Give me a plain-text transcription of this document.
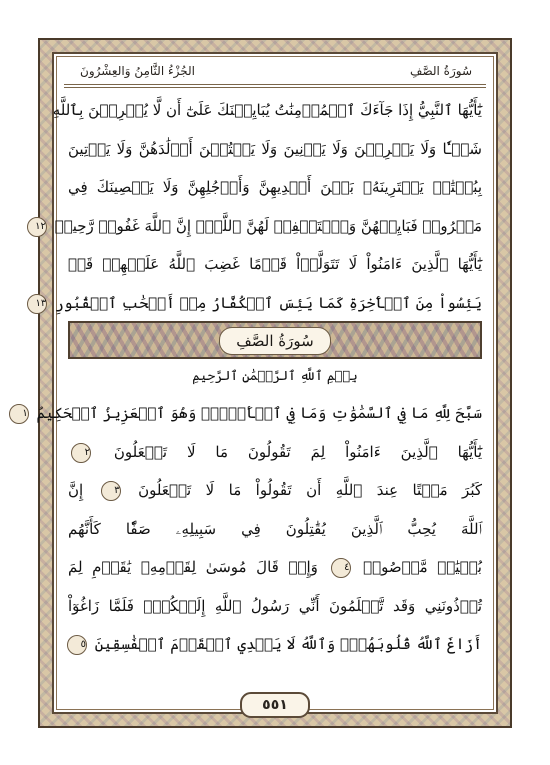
سُورَةُ الصَّفِ
الجُزْءُ الثَّامِنُ وَالعِشْرُونَ
يَٰٓأَيُّهَا ٱلنَّبِيُّ إِذَا جَآءَكَ ٱلۡمُؤۡمِنَٰتُ يُبَايِعۡنَكَ عَلَىٰٓ أَن لَّا يُشۡرِكۡنَ بِٱللَّهِ
شَيۡـٔٗا وَلَا يَسۡرِقۡنَ وَلَا يَزۡنِينَ وَلَا يَقۡتُلۡنَ أَوۡلَٰدَهُنَّ وَلَا يَأۡتِينَ
بِبُهۡتَٰنٖ يَفۡتَرِينَهُۥ بَيۡنَ أَيۡدِيهِنَّ وَأَرۡجُلِهِنَّ وَلَا يَعۡصِينَكَ فِي
مَعۡرُوفٖ فَبَايِعۡهُنَّ وَٱسۡتَغۡفِرۡ لَهُنَّ ٱللَّهَۚ إِنَّ ٱللَّهَ غَفُورٞ رَّحِيمٞ ١٢
يَٰٓأَيُّهَا ٱلَّذِينَ ءَامَنُواْ لَا تَتَوَلَّوۡاْ قَوۡمًا غَضِبَ ٱللَّهُ عَلَيۡهِمۡ قَدۡ
يَئِسُواْ مِنَ ٱلۡأٓخِرَةِ كَمَا يَئِسَ ٱلۡكُفَّارُ مِنۡ أَصۡحَٰبِ ٱلۡقُبُورِ ١٣
سُورَةُ الصَّفِ
بِسۡمِ ٱللَّهِ ٱلرَّحۡمَٰنِ ٱلرَّحِيمِ
سَبَّحَ لِلَّهِ مَا فِي ٱلسَّمَٰوَٰتِ وَمَا فِي ٱلۡأَرۡضِۖ وَهُوَ ٱلۡعَزِيزُ ٱلۡحَكِيمُ ١
يَٰٓأَيُّهَا ٱلَّذِينَ ءَامَنُواْ لِمَ تَقُولُونَ مَا لَا تَفۡعَلُونَ ٢
كَبُرَ مَقۡتًا عِندَ ٱللَّهِ أَن تَقُولُواْ مَا لَا تَفۡعَلُونَ ٣ إِنَّ
ٱللَّهَ يُحِبُّ ٱلَّذِينَ يُقَٰتِلُونَ فِي سَبِيلِهِۦ صَفّٗا كَأَنَّهُم
بُنۡيَٰنٞ مَّرۡصُوصٞ ٤ وَإِذۡ قَالَ مُوسَىٰ لِقَوۡمِهِۦ يَٰقَوۡمِ لِمَ
تُؤۡذُونَنِي وَقَد تَّعۡلَمُونَ أَنِّي رَسُولُ ٱللَّهِ إِلَيۡكُمۡۖ فَلَمَّا زَاغُوٓاْ
أَزَاغَ ٱللَّهُ قُلُوبَهُمۡۚ وَٱللَّهُ لَا يَهۡدِي ٱلۡقَوۡمَ ٱلۡفَٰسِقِينَ ٥
٥٥١
